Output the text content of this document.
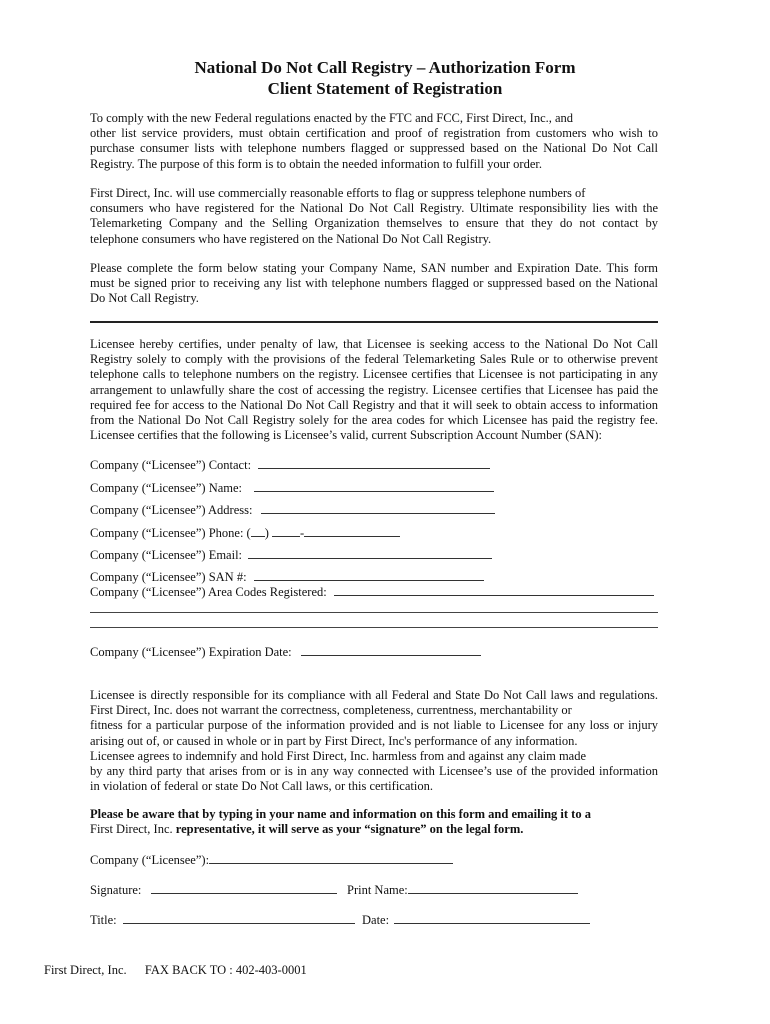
National Do Not Call Registry – Authorization Form
Client Statement of Registration
To comply with the new Federal regulations enacted by the FTC and FCC, First Direct, Inc., and
other list service providers, must obtain certification and proof of registration from customers who wish to
purchase consumer lists with telephone numbers flagged or suppressed based on the National Do Not Call
Registry. The purpose of this form is to obtain the needed information to fulfill your order.
First Direct, Inc. will use commercially reasonable efforts to flag or suppress telephone numbers of
consumers who have registered for the National Do Not Call Registry. Ultimate responsibility lies with the
Telemarketing Company and the Selling Organization themselves to ensure that they do not contact by
telephone consumers who have registered on the National Do Not Call Registry.
Please complete the form below stating your Company Name, SAN number and Expiration Date. This form
must be signed prior to receiving any list with telephone numbers flagged or suppressed based on the National
Do Not Call Registry.
Licensee hereby certifies, under penalty of law, that Licensee is seeking access to the National Do Not Call
Registry solely to comply with the provisions of the federal Telemarketing Sales Rule or to otherwise prevent
telephone calls to telephone numbers on the registry. Licensee certifies that Licensee is not participating in any
arrangement to unlawfully share the cost of accessing the registry. Licensee certifies that Licensee has paid the
required fee for access to the National Do Not Call Registry and that it will seek to obtain access to information
from the National Do Not Call Registry solely for the area codes for which Licensee has paid the registry fee.
Licensee certifies that the following is Licensee’s valid, current Subscription Account Number (SAN):
Company (“Licensee”) Contact:
Company (“Licensee”) Name:
Company (“Licensee”) Address:
Company (“Licensee”) Phone: ( ) -
Company (“Licensee”) Email:
Company (“Licensee”) SAN #:
Company (“Licensee”) Area Codes Registered:
Company (“Licensee”) Expiration Date:
Licensee is directly responsible for its compliance with all Federal and State Do Not Call laws and regulations.
First Direct, Inc. does not warrant the correctness, completeness, currentness, merchantability or
fitness for a particular purpose of the information provided and is not liable to Licensee for any loss or injury
arising out of, or caused in whole or in part by First Direct, Inc's performance of any information.
Licensee agrees to indemnify and hold First Direct, Inc. harmless from and against any claim made
by any third party that arises from or is in any way connected with Licensee’s use of the provided information
in violation of federal or state Do Not Call laws, or this certification.
Please be aware that by typing in your name and information on this form and emailing it to a
First Direct, Inc. representative, it will serve as your “signature” on the legal form.
Company (“Licensee”):
Signature:	Print Name:
Title:	Date:
First Direct, Inc. FAX BACK TO : 402-403-0001
